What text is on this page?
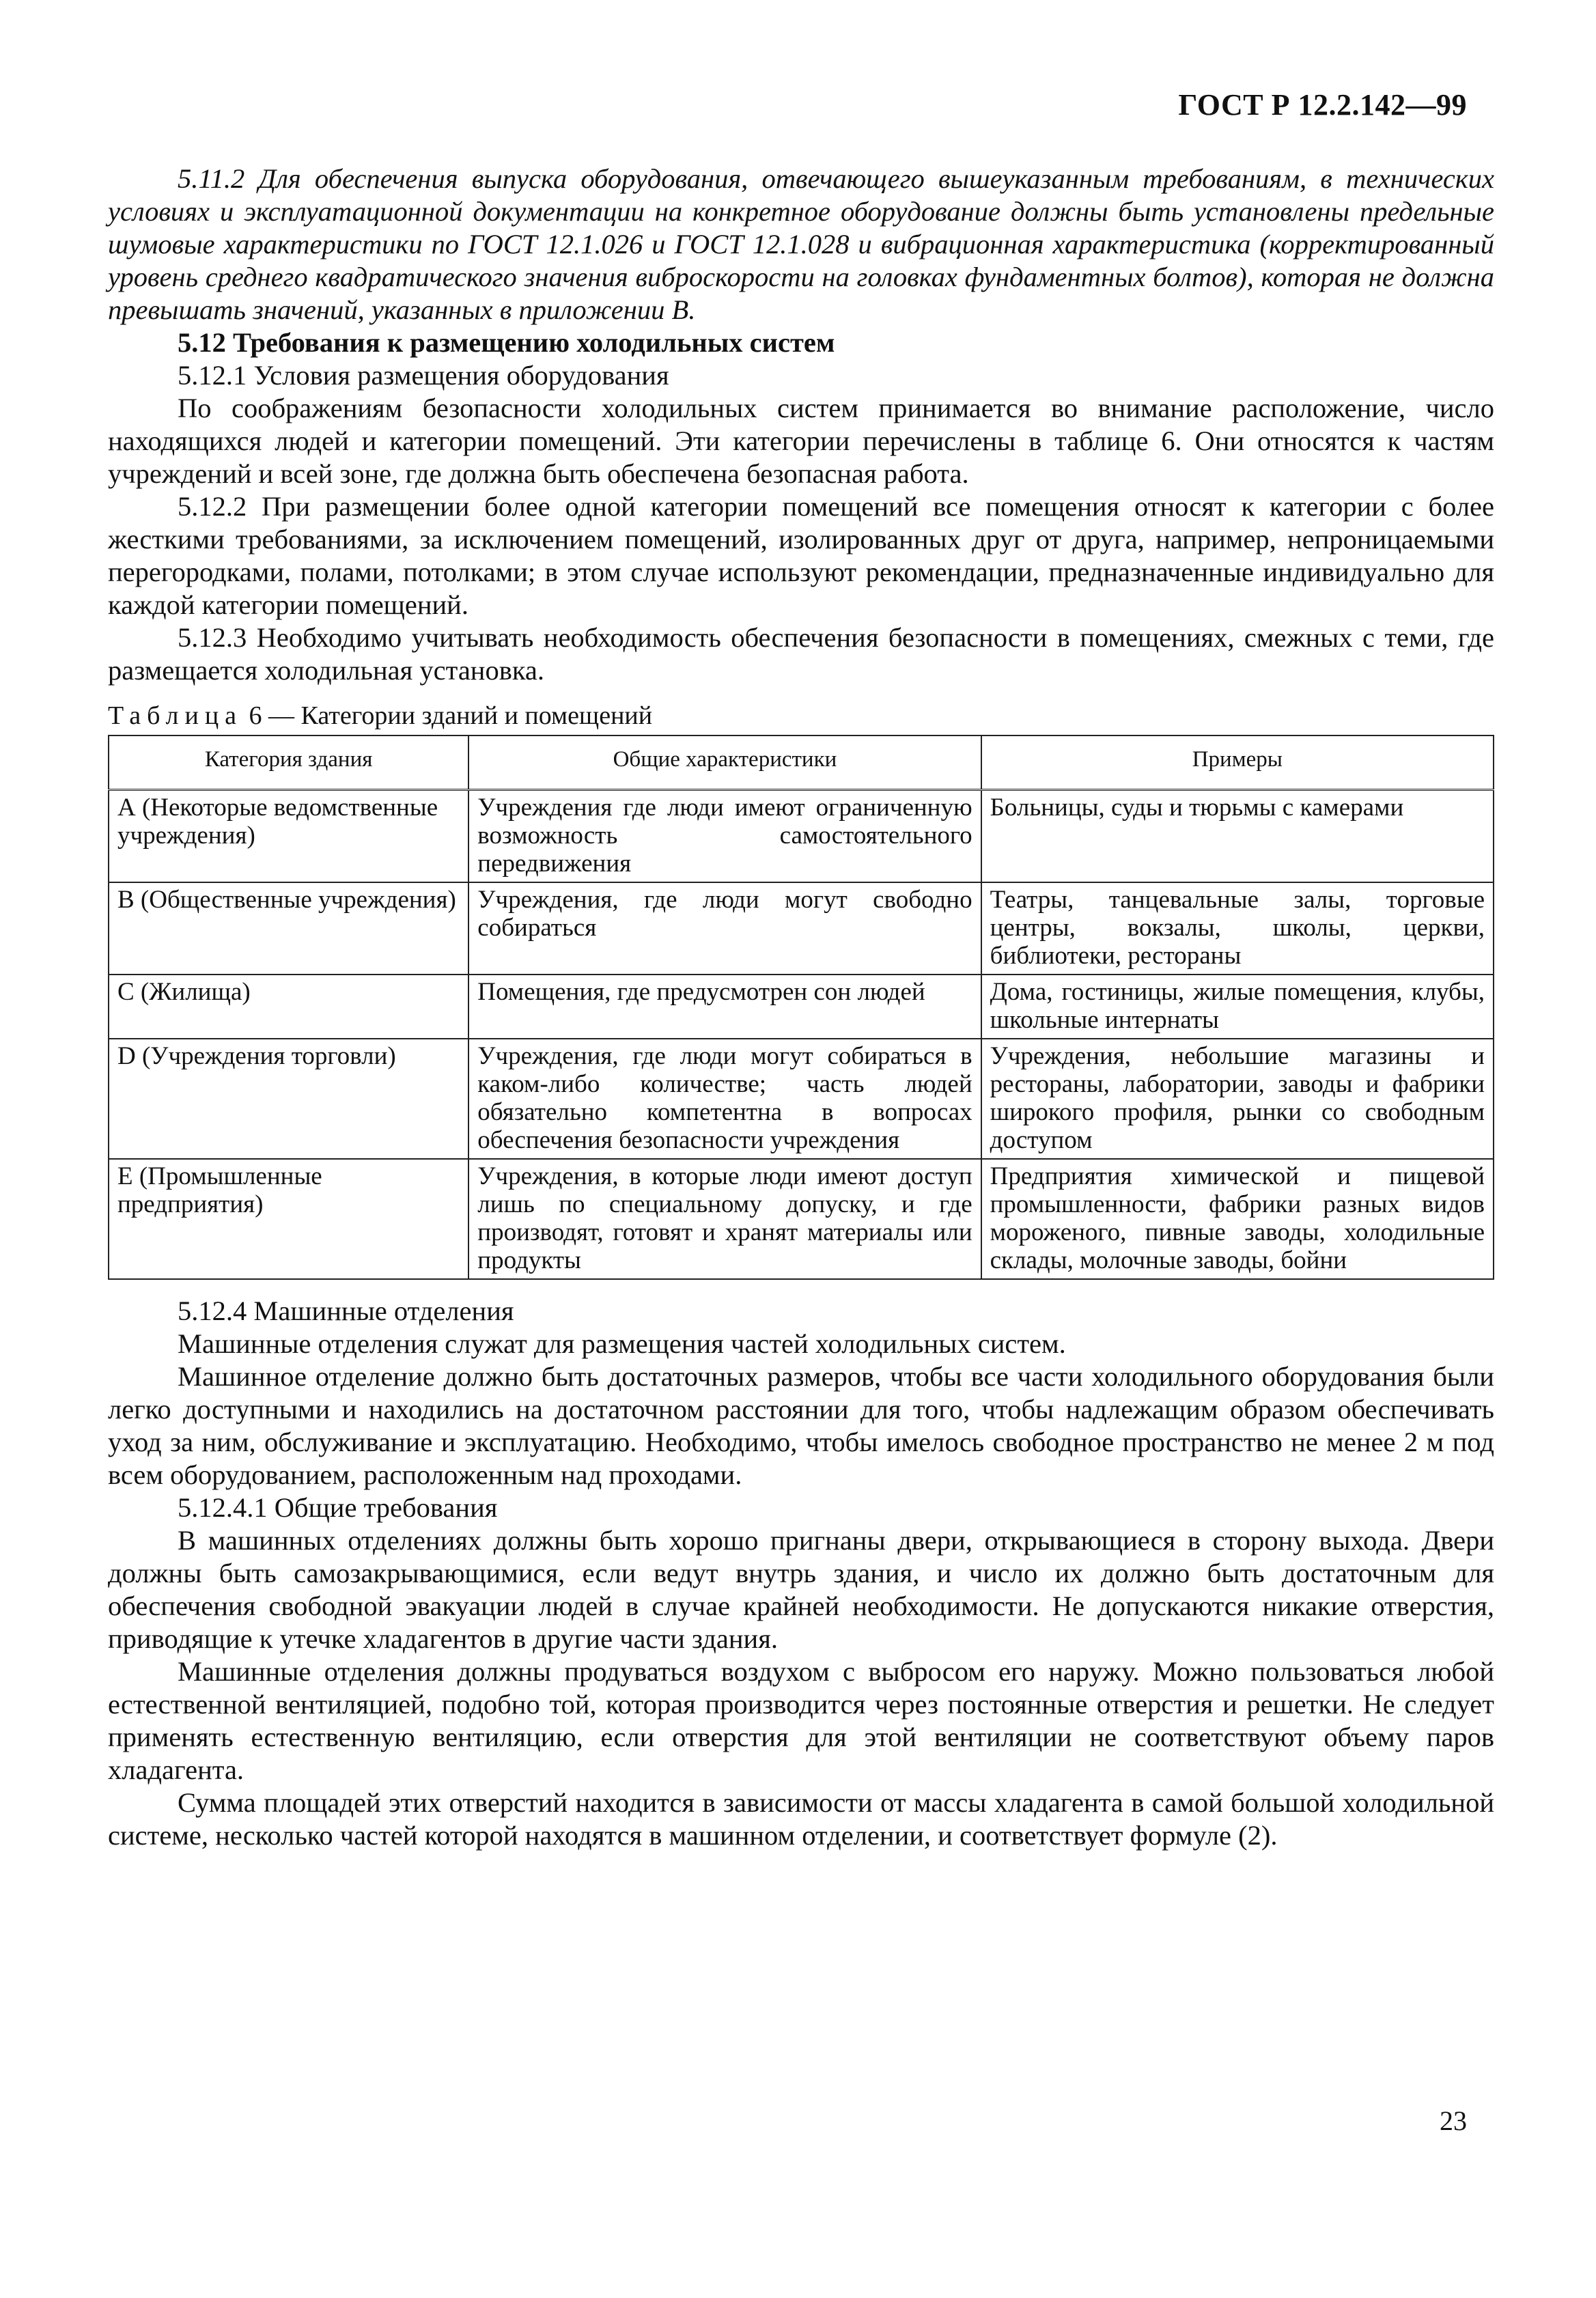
ГОСТ Р 12.2.142—99

5.11.2 Для обеспечения выпуска оборудования, отвечающего вышеуказанным требованиям, в технических условиях и эксплуатационной документации на конкретное оборудование должны быть установлены предельные шумовые характеристики по ГОСТ 12.1.026 и ГОСТ 12.1.028 и вибрационная характеристика (корректированный уровень среднего квадратического значения виброскорости на головках фундаментных болтов), которая не должна превышать значений, указанных в приложении В.

5.12 Требования к размещению холодильных систем

5.12.1 Условия размещения оборудования

По соображениям безопасности холодильных систем принимается во внимание расположение, число находящихся людей и категории помещений. Эти категории перечислены в таблице 6. Они относятся к частям учреждений и всей зоне, где должна быть обеспечена безопасная работа.

5.12.2 При размещении более одной категории помещений все помещения относят к категории с более жесткими требованиями, за исключением помещений, изолированных друг от друга, например, непроницаемыми перегородками, полами, потолками; в этом случае используют рекомендации, предназначенные индивидуально для каждой категории помещений.

5.12.3 Необходимо учитывать необходимость обеспечения безопасности в помещениях, смежных с теми, где размещается холодильная установка.

Таблица 6 — Категории зданий и помещений

Категория здания	Общие характеристики	Примеры
А (Некоторые ведомственные учреждения)	Учреждения где люди имеют ограниченную возможность самостоятельного передвижения	Больницы, суды и тюрьмы с камерами
В (Общественные учреждения)	Учреждения, где люди могут свободно собираться	Театры, танцевальные залы, торговые центры, вокзалы, школы, церкви, библиотеки, рестораны
С (Жилища)	Помещения, где предусмотрен сон людей	Дома, гостиницы, жилые помещения, клубы, школьные интернаты
D (Учреждения торговли)	Учреждения, где люди могут собираться в каком-либо количестве; часть людей обязательно компетентна в вопросах обеспечения безопасности учреждения	Учреждения, небольшие магазины и рестораны, лаборатории, заводы и фабрики широкого профиля, рынки со свободным доступом
Е (Промышленные предприятия)	Учреждения, в которые люди имеют доступ лишь по специальному допуску, и где производят, готовят и хранят материалы или продукты	Предприятия химической и пищевой промышленности, фабрики разных видов мороженого, пивные заводы, холодильные склады, молочные заводы, бойни

5.12.4 Машинные отделения

Машинные отделения служат для размещения частей холодильных систем.

Машинное отделение должно быть достаточных размеров, чтобы все части холодильного оборудования были легко доступными и находились на достаточном расстоянии для того, чтобы надлежащим образом обеспечивать уход за ним, обслуживание и эксплуатацию. Необходимо, чтобы имелось свободное пространство не менее 2 м под всем оборудованием, расположенным над проходами.

5.12.4.1 Общие требования

В машинных отделениях должны быть хорошо пригнаны двери, открывающиеся в сторону выхода. Двери должны быть самозакрывающимися, если ведут внутрь здания, и число их должно быть достаточным для обеспечения свободной эвакуации людей в случае крайней необходимости. Не допускаются никакие отверстия, приводящие к утечке хладагентов в другие части здания.

Машинные отделения должны продуваться воздухом с выбросом его наружу. Можно пользоваться любой естественной вентиляцией, подобно той, которая производится через постоянные отверстия и решетки. Не следует применять естественную вентиляцию, если отверстия для этой вентиляции не соответствуют объему паров хладагента.

Сумма площадей этих отверстий находится в зависимости от массы хладагента в самой большой холодильной системе, несколько частей которой находятся в машинном отделении, и соответствует формуле (2).

23
